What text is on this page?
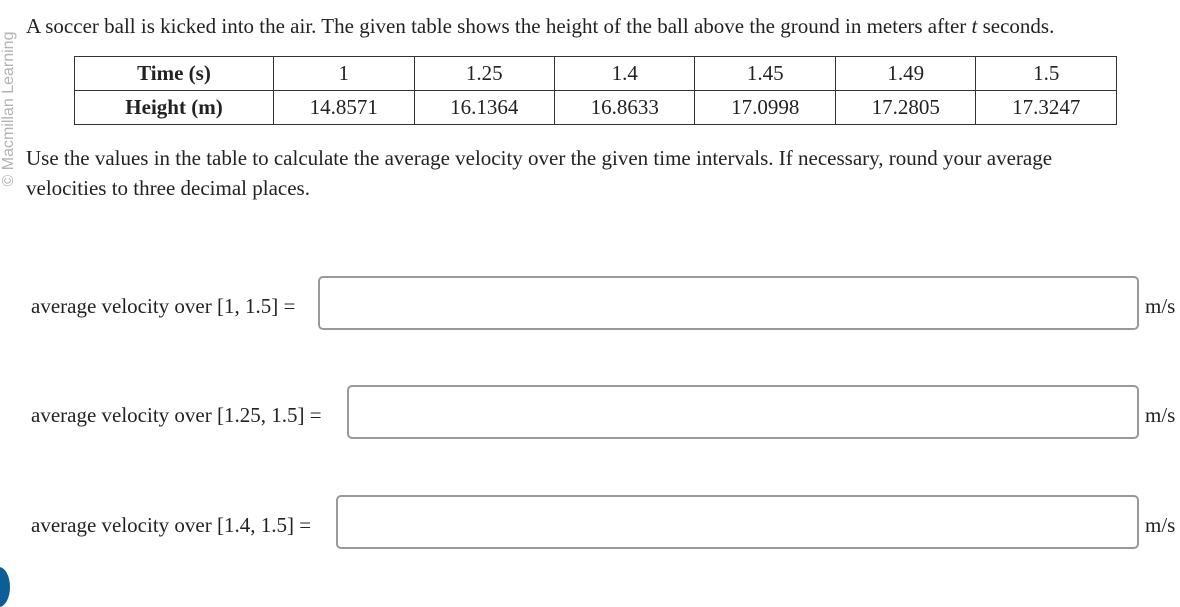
© Macmillan Learning
A soccer ball is kicked into the air. The given table shows the height of the ball above the ground in meters after t seconds.
Time (s)	1	1.25	1.4	1.45	1.49	1.5
Height (m)	14.8571	16.1364	16.8633	17.0998	17.2805	17.3247
Use the values in the table to calculate the average velocity over the given time intervals. If necessary, round your average velocities to three decimal places.
average velocity over [1, 1.5] =	m/s
average velocity over [1.25, 1.5] =	m/s
average velocity over [1.4, 1.5] =	m/s
